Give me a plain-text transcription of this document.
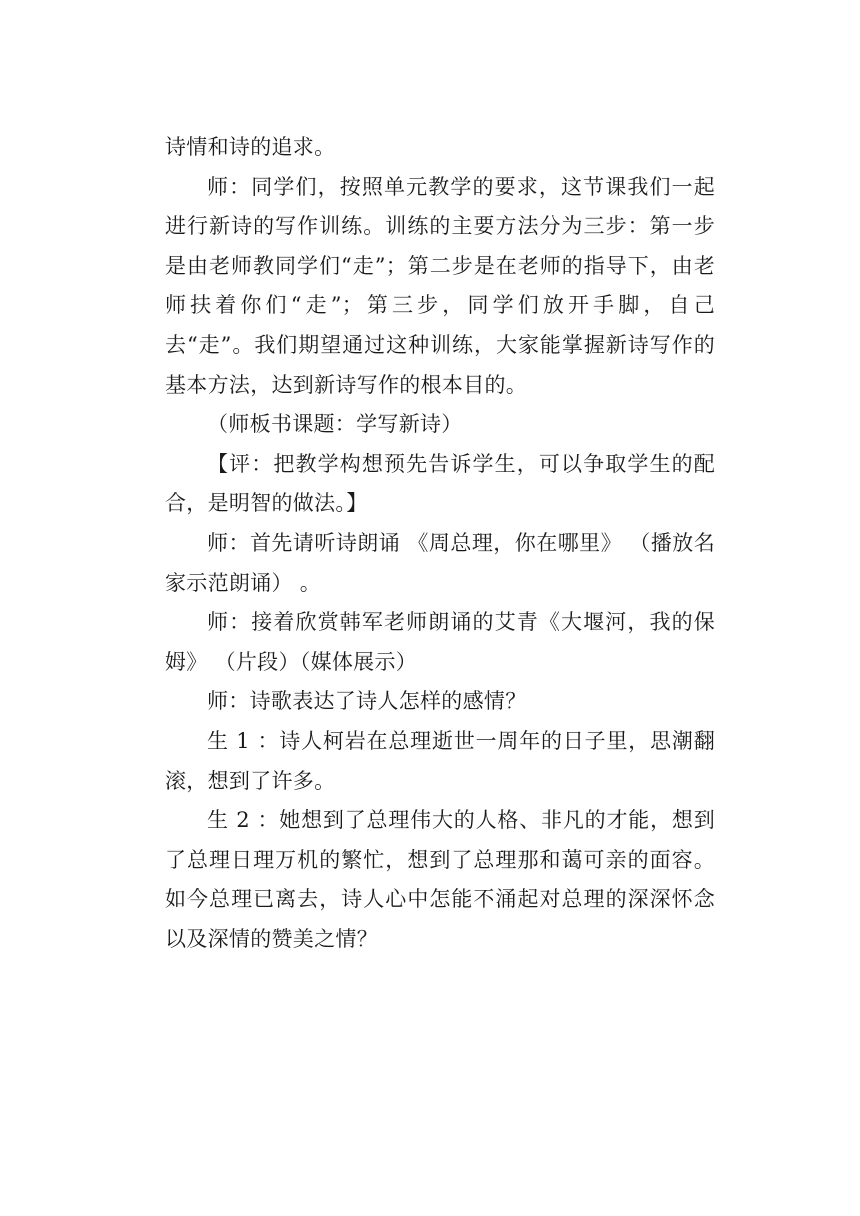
诗情和诗的追求。

师：同学们，按照单元教学的要求，这节课我们一起进行新诗的写作训练。训练的主要方法分为三步：第一步是由老师教同学们“走”；第二步是在老师的指导下，由老师扶着你们“走”；第三步，同学们放开手脚，自己去“走”。我们期望通过这种训练，大家能掌握新诗写作的基本方法，达到新诗写作的根本目的。

（师板书课题：学写新诗）

【评：把教学构想预先告诉学生，可以争取学生的配合，是明智的做法。】

师：首先请听诗朗诵 《周总理，你在哪里》 （播放名家示范朗诵） 。

师：接着欣赏韩军老师朗诵的艾青《大堰河，我的保姆》 （片段）（媒体展示）

师：诗歌表达了诗人怎样的感情？

生 1 ：诗人柯岩在总理逝世一周年的日子里，思潮翻滚，想到了许多。

生 2 ：她想到了总理伟大的人格、非凡的才能，想到了总理日理万机的繁忙，想到了总理那和蔼可亲的面容。如今总理已离去，诗人心中怎能不涌起对总理的深深怀念以及深情的赞美之情？
